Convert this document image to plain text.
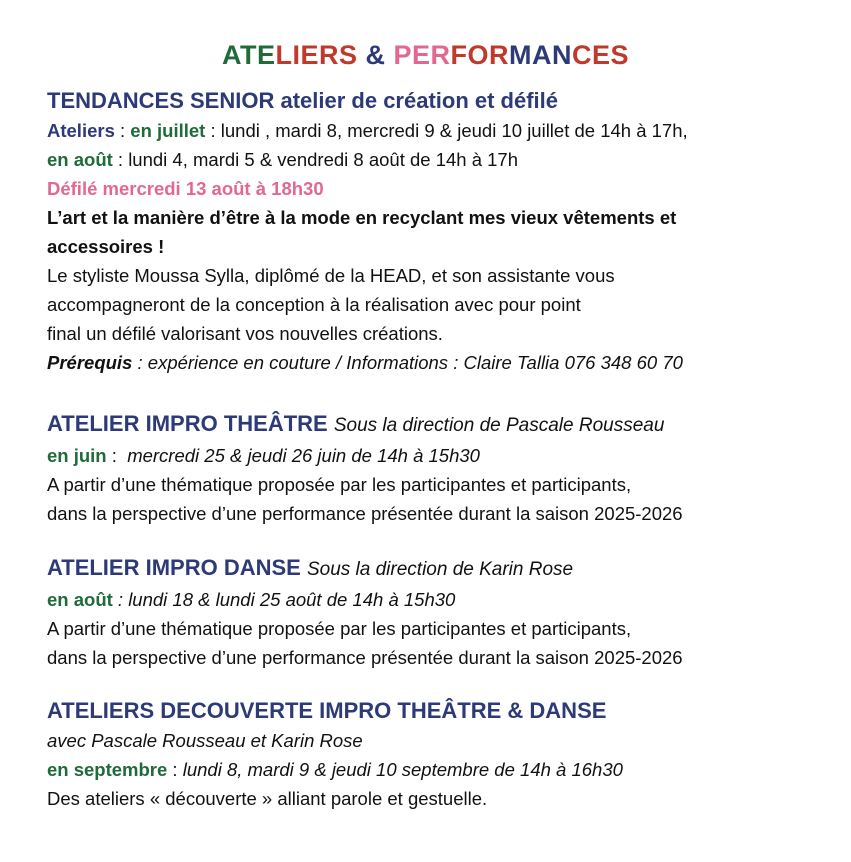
ATELIERS & PERFORMANCES
TENDANCES SENIOR atelier de création et défilé
Ateliers : en juillet : lundi , mardi 8, mercredi 9 & jeudi 10 juillet de 14h à 17h,
en août : lundi 4, mardi 5 & vendredi 8 août de 14h à 17h
Défilé mercredi 13 août à 18h30
L’art et la manière d’être à la mode en recyclant mes vieux vêtements et
accessoires !
Le styliste Moussa Sylla, diplômé de la HEAD, et son assistante vous
accompagneront de la conception à la réalisation avec pour point
final un défilé valorisant vos nouvelles créations.
Prérequis : expérience en couture / Informations : Claire Tallia 076 348 60 70
ATELIER IMPRO THEÂTRE Sous la direction de Pascale Rousseau
en juin :  mercredi 25 & jeudi 26 juin de 14h à 15h30
A partir d’une thématique proposée par les participantes et participants,
dans la perspective d’une performance présentée durant la saison 2025-2026
ATELIER IMPRO DANSE Sous la direction de Karin Rose
en août : lundi 18 & lundi 25 août de 14h à 15h30
A partir d’une thématique proposée par les participantes et participants,
dans la perspective d’une performance présentée durant la saison 2025-2026
ATELIERS DECOUVERTE IMPRO THEÂTRE & DANSE
avec Pascale Rousseau et Karin Rose
en septembre : lundi 8, mardi 9 & jeudi 10 septembre de 14h à 16h30
Des ateliers « découverte » alliant parole et gestuelle.
